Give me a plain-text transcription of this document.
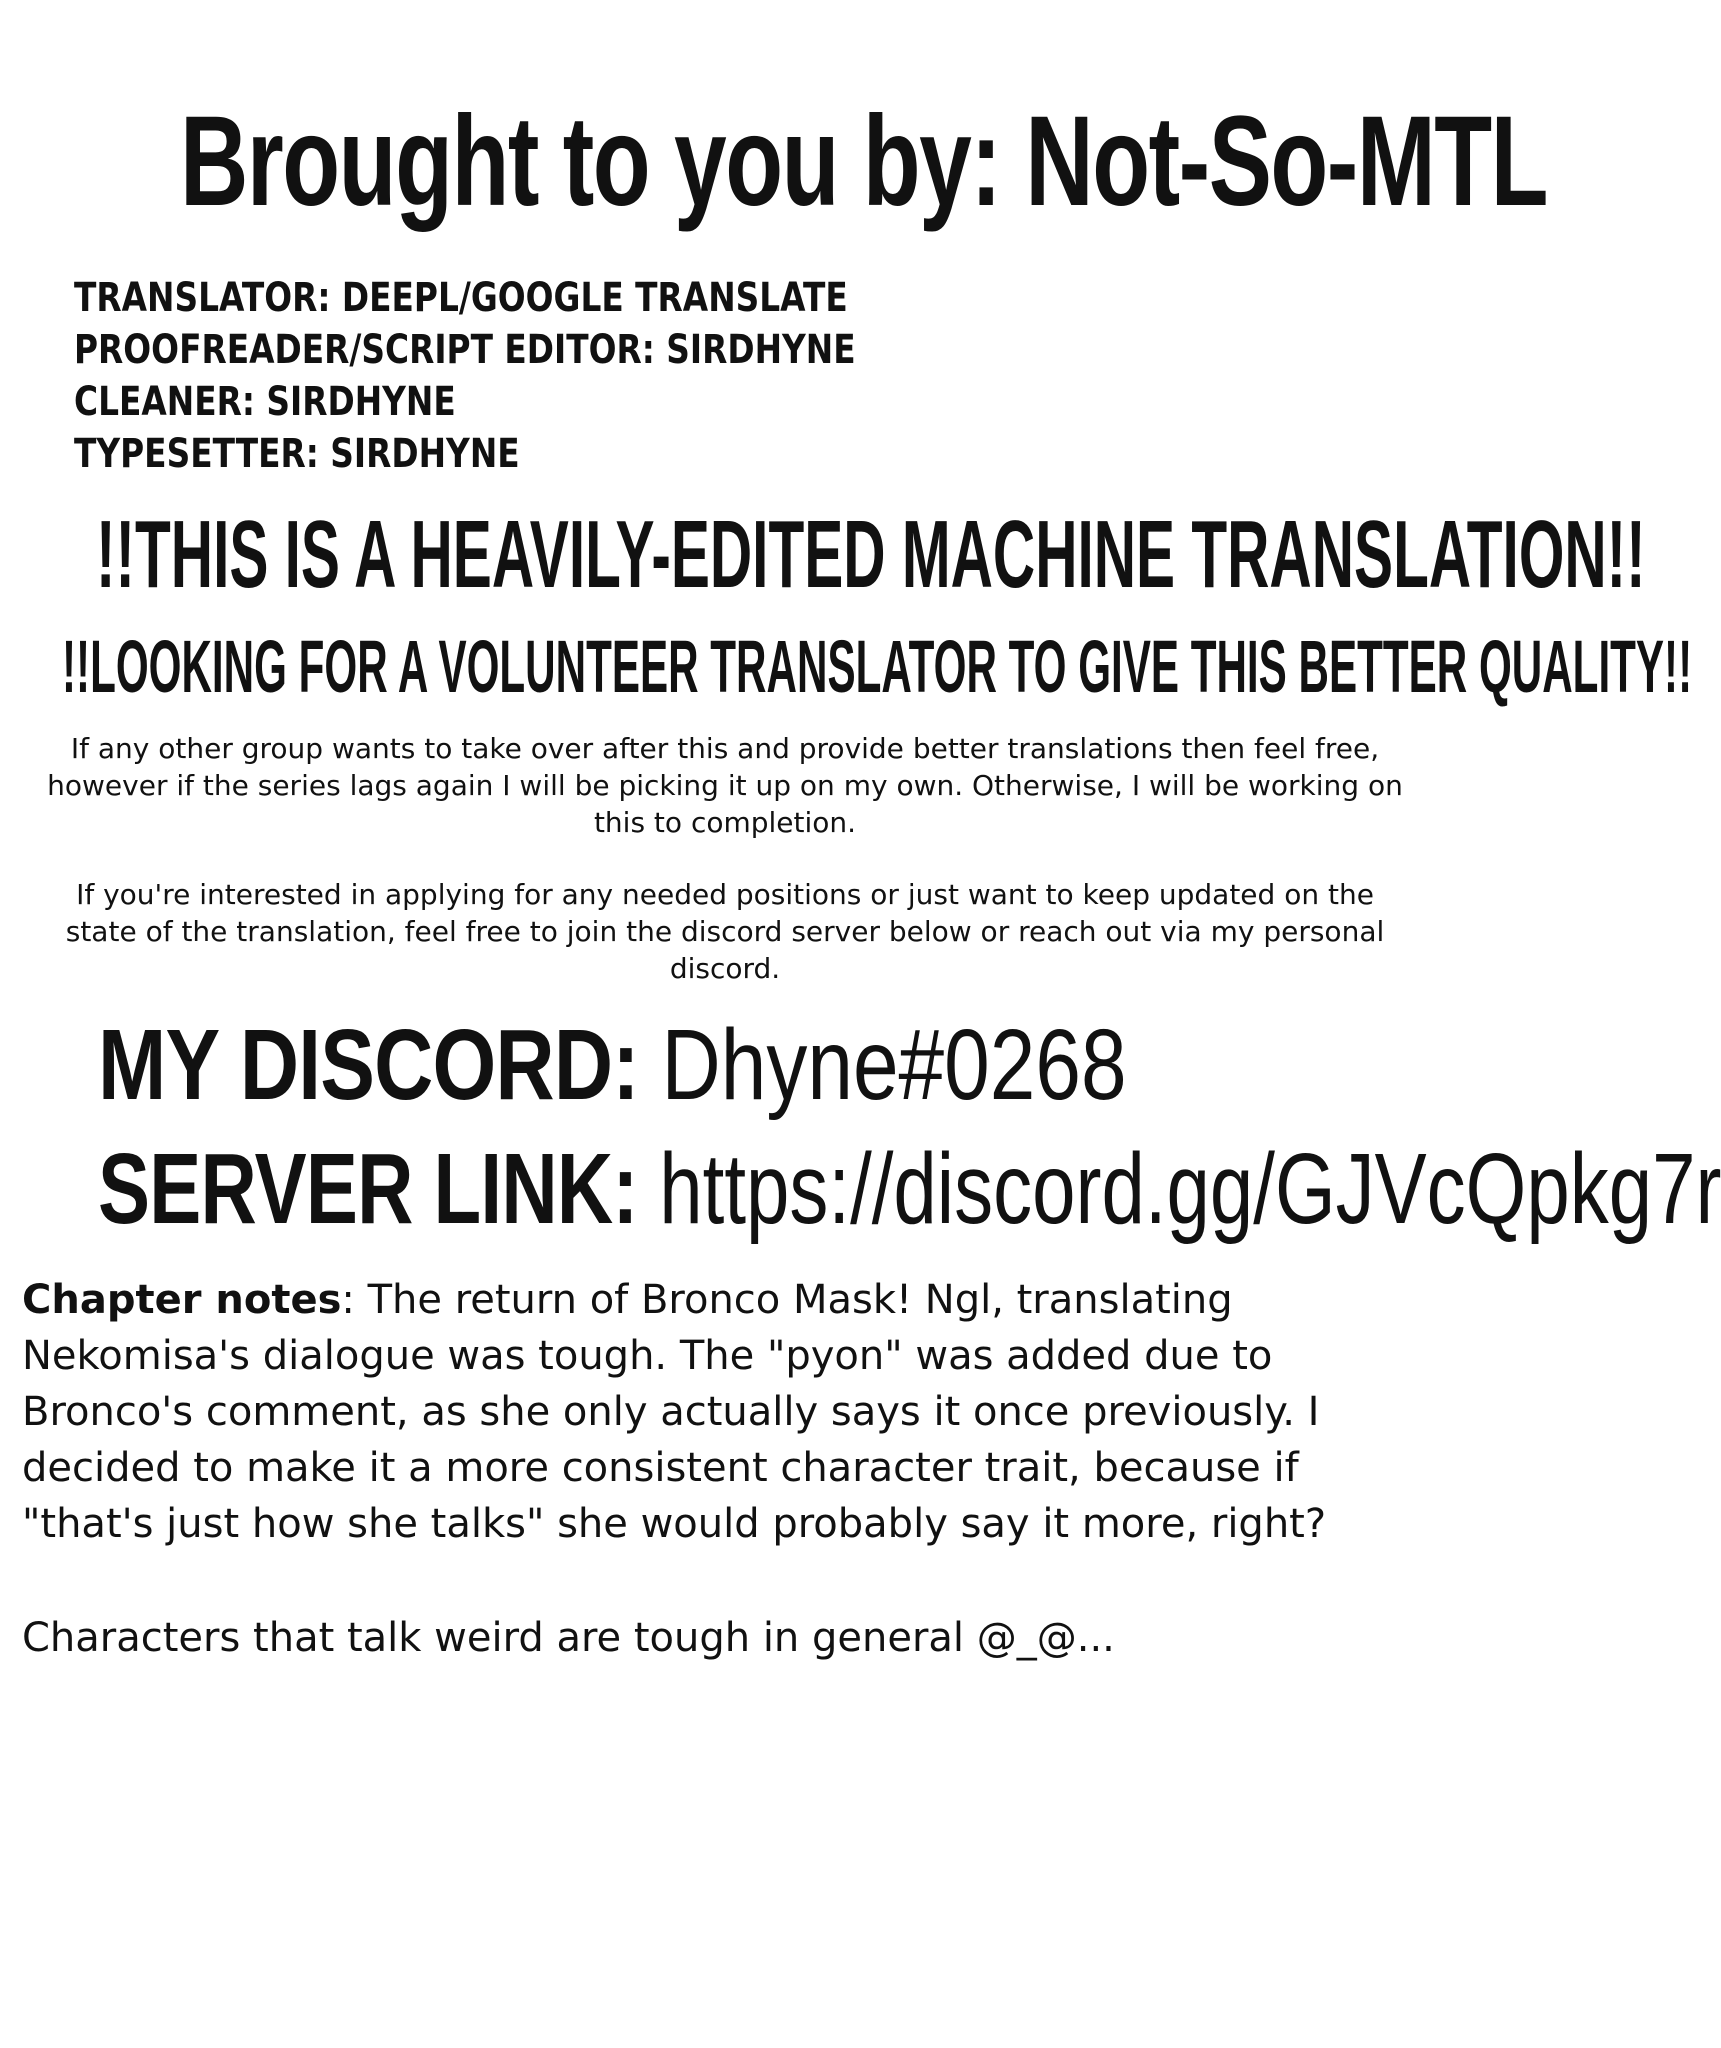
Brought to you by: Not-So-MTL
TRANSLATOR: DEEPL/GOOGLE TRANSLATE
PROOFREADER/SCRIPT EDITOR: SIRDHYNE
CLEANER: SIRDHYNE
TYPESETTER: SIRDHYNE
!!THIS IS A HEAVILY-EDITED MACHINE TRANSLATION!!
!!LOOKING FOR A VOLUNTEER TRANSLATOR TO GIVE THIS BETTER QUALITY!!

If any other group wants to take over after this and provide better translations then feel free, however if the series lags again I will be picking it up on my own. Otherwise, I will be working on this to completion.

If you're interested in applying for any needed positions or just want to keep updated on the state of the translation, feel free to join the discord server below or reach out via my personal discord.

MY DISCORD: Dhyne#0268
SERVER LINK: https://discord.gg/GJVcQpkg7r

Chapter notes: The return of Bronco Mask! Ngl, translating Nekomisa's dialogue was tough. The "pyon" was added due to Bronco's comment, as she only actually says it once previously. I decided to make it a more consistent character trait, because if "that's just how she talks" she would probably say it more, right?

Characters that talk weird are tough in general @_@...
